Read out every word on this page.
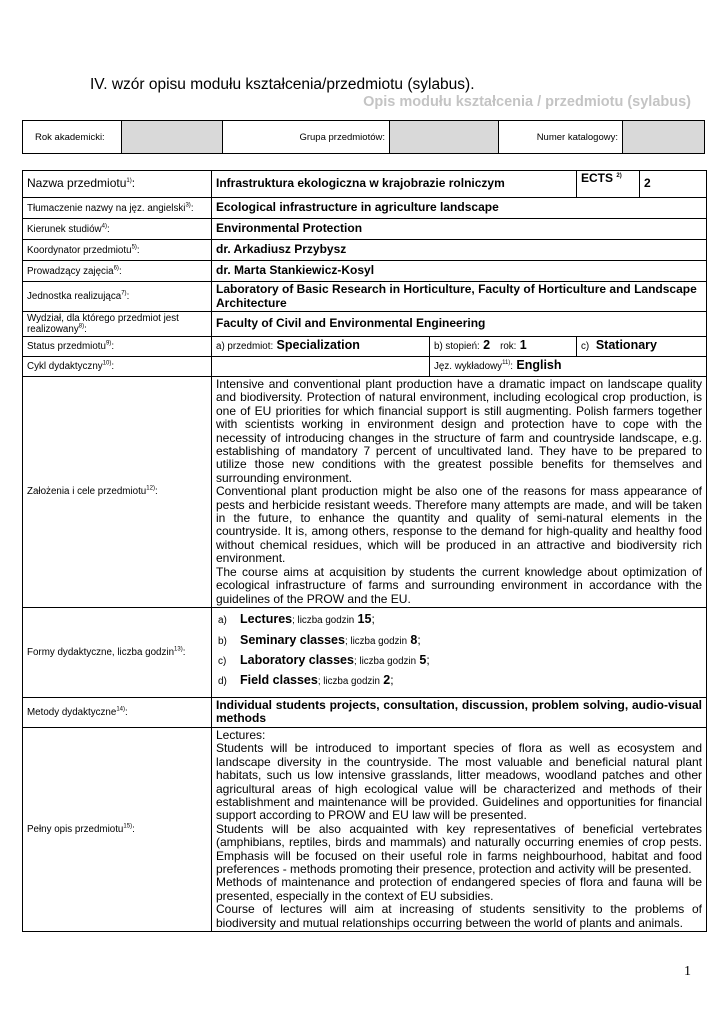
IV. wzór opisu modułu kształcenia/przedmiotu (sylabus).
Opis modułu kształcenia / przedmiotu (sylabus)
Rok akademicki:		Grupa przedmiotów:		Numer katalogowy:	
Nazwa przedmiotu$^{1)}$:	Infrastruktura ekologiczna w krajobrazie rolniczym		ECTS $^{2)}$	2
Tłumaczenie nazwy na jęz. angielski$^{3)}$:	Ecological infrastructure in agriculture landscape			
Kierunek studiów$^{4)}$:	Environmental Protection			
Koordynator przedmiotu$^{5)}$:	dr. Arkadiusz Przybysz			
Prowadzący zajęcia$^{6)}$:	dr. Marta Stankiewicz-Kosyl			
Jednostka realizująca$^{7)}$:	Laboratory of Basic Research in Horticulture, Faculty of Horticulture and Landscape Architecture			
Wydział, dla którego przedmiot jest realizowany$^{8)}$:	Faculty of Civil and Environmental Engineering			
Status przedmiotu$^{9)}$:	a) przedmiot: Specialization	b) stopień: 2 rok: 1	c) Stationary	
Cykl dydaktyczny$^{10)}$:		Jęz. wykładowy$^{11)}$: English		
Założenia i cele przedmiotu$^{12)}$:	Intensive and conventional plant production have a dramatic impact on landscape quality and biodiversity. Protection of natural environment, including ecological crop production, is one of EU priorities for which financial support is still augmenting. Polish farmers together with scientists working in environment design and protection have to cope with the necessity of introducing changes in the structure of farm and countryside landscape, e.g. establishing of mandatory 7 percent of uncultivated land. They have to be prepared to utilize those new conditions with the greatest possible benefits for themselves and surrounding environment.
Conventional plant production might be also one of the reasons for mass appearance of pests and herbicide resistant weeds. Therefore many attempts are made, and will be taken in the future, to enhance the quantity and quality of semi-natural elements in the countryside. It is, among others, response to the demand for high-quality and healthy food without chemical residues, which will be produced in an attractive and biodiversity rich environment.
The course aims at acquisition by students the current knowledge about optimization of ecological infrastructure of farms and surrounding environment in accordance with the guidelines of the PROW and the EU.			

Formy dydaktyczne, liczba godzin$^{13)}$:	a) Lectures; liczba godzin 15;
b) Seminary classes; liczba godzin 8;
c) Laboratory classes; liczba godzin 5;
d) Field classes; liczba godzin 2;			

Metody dydaktyczne$^{14)}$:	Individual students projects, consultation, discussion, problem solving, audio-visual methods			
Pełny opis przedmiotu$^{15)}$:	Lectures:
Students will be introduced to important species of flora as well as ecosystem and landscape diversity in the countryside. The most valuable and beneficial natural plant habitats, such us low intensive grasslands, litter meadows, woodland patches and other agricultural areas of high ecological value will be characterized and methods of their establishment and maintenance will be provided. Guidelines and opportunities for financial support according to PROW and EU law will be presented.
Students will be also acquainted with key representatives of beneficial vertebrates (amphibians, reptiles, birds and mammals) and naturally occurring enemies of crop pests. Emphasis will be focused on their useful role in farms neighbourhood, habitat and food preferences - methods promoting their presence, protection and activity will be presented.
Methods of maintenance and protection of endangered species of flora and fauna will be presented, especially in the context of EU subsidies.
Course of lectures will aim at increasing of students sensitivity to the problems of biodiversity and mutual relationships occurring between the world of plants and animals.			
1
